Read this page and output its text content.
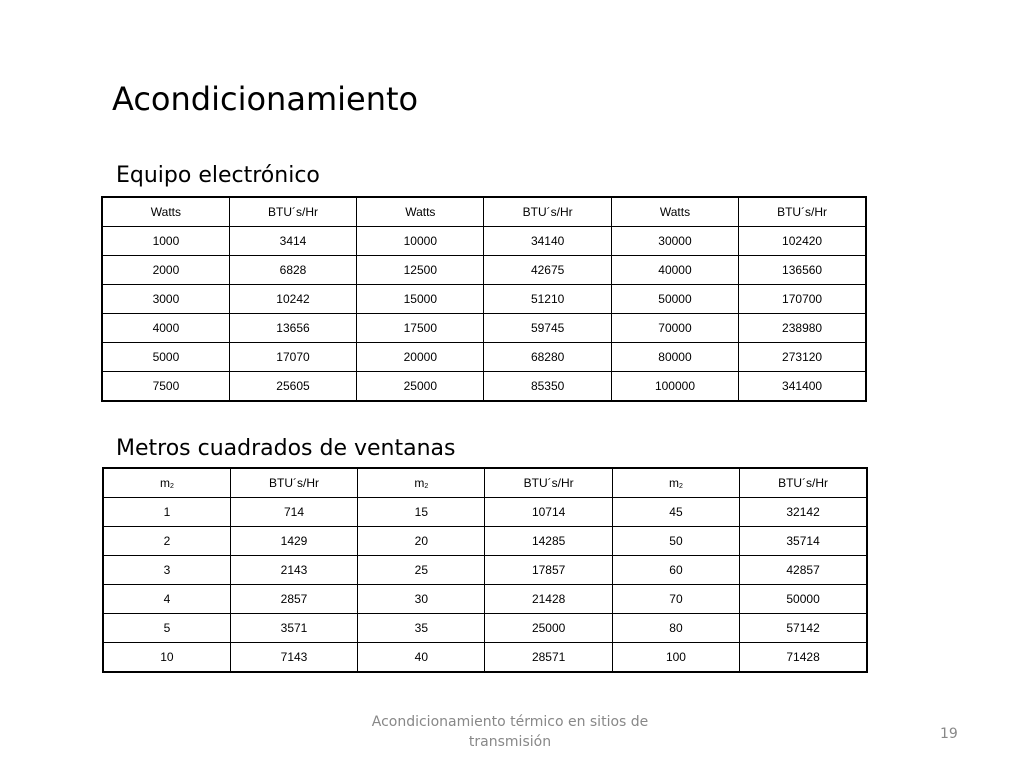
Acondicionamiento
Equipo electrónico
Watts	BTU´s/Hr	Watts	BTU´s/Hr	Watts	BTU´s/Hr
1000	3414	10000	34140	30000	102420
2000	6828	12500	42675	40000	136560
3000	10242	15000	51210	50000	170700
4000	13656	17500	59745	70000	238980
5000	17070	20000	68280	80000	273120
7500	25605	25000	85350	100000	341400
Metros cuadrados de ventanas
m2	BTU´s/Hr	m2	BTU´s/Hr	m2	BTU´s/Hr
1	714	15	10714	45	32142
2	1429	20	14285	50	35714
3	2143	25	17857	60	42857
4	2857	30	21428	70	50000
5	3571	35	25000	80	57142
10	7143	40	28571	100	71428
Acondicionamiento térmico en sitios de transmisión	19
